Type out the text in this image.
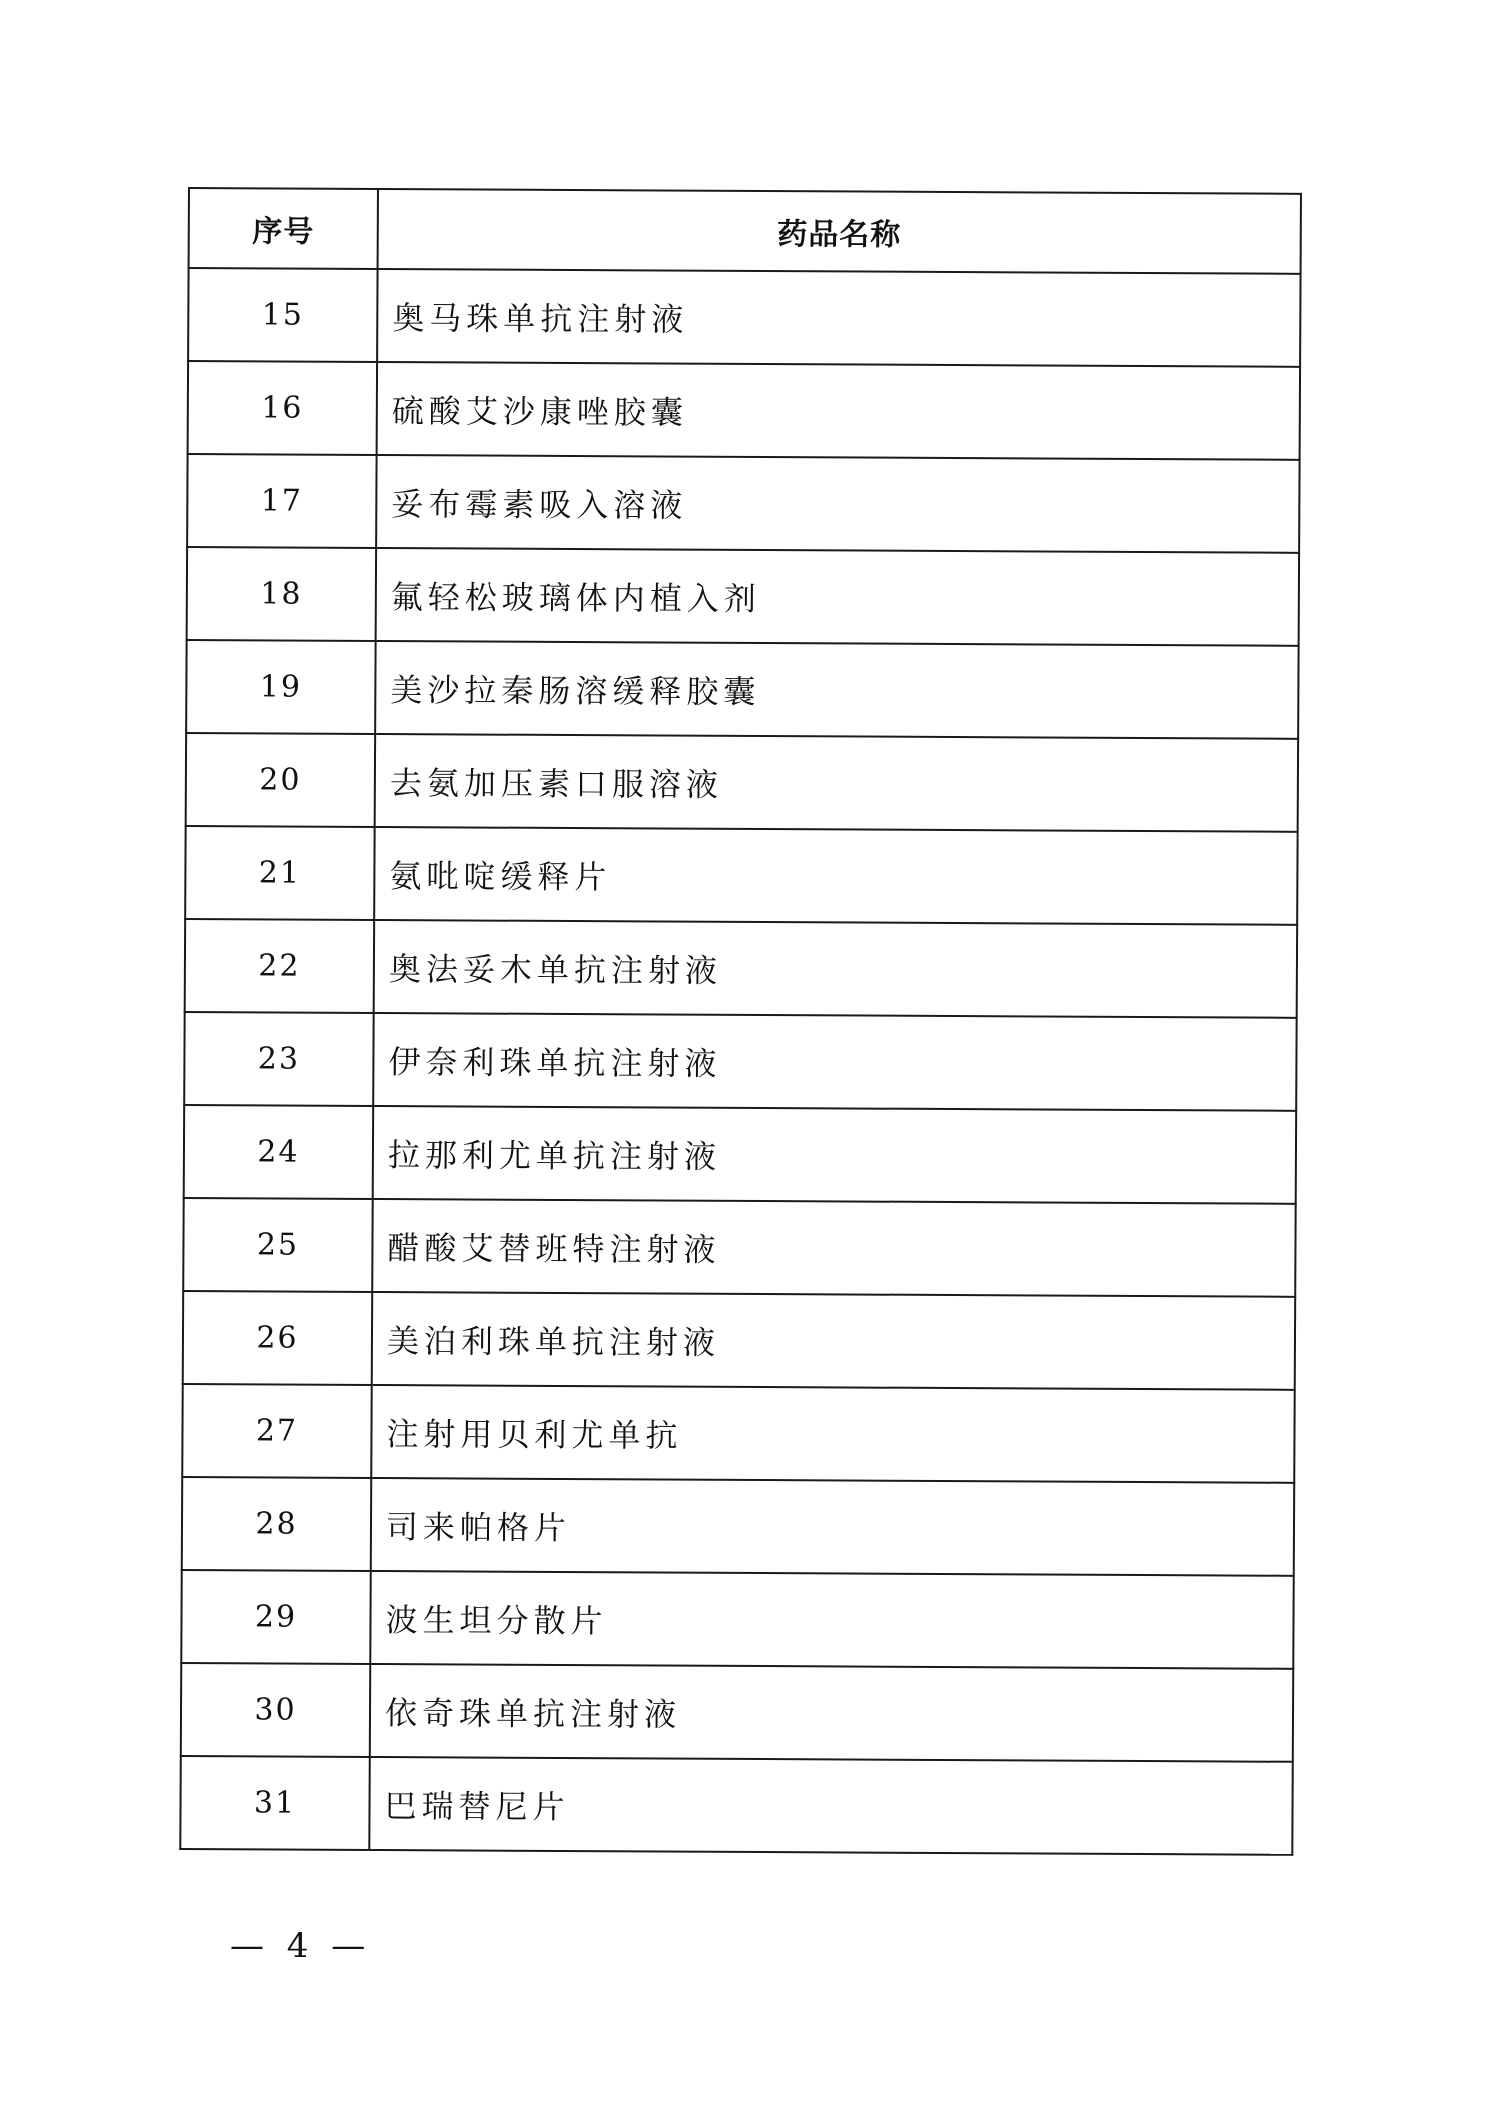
序号	药品名称
15	奥马珠单抗注射液
16	硫酸艾沙康唑胶囊
17	妥布霉素吸入溶液
18	氟轻松玻璃体内植入剂
19	美沙拉秦肠溶缓释胶囊
20	去氨加压素口服溶液
21	氨吡啶缓释片
22	奥法妥木单抗注射液
23	伊奈利珠单抗注射液
24	拉那利尤单抗注射液
25	醋酸艾替班特注射液
26	美泊利珠单抗注射液
27	注射用贝利尤单抗
28	司来帕格片
29	波生坦分散片
30	依奇珠单抗注射液
31	巴瑞替尼片
— 4 —
